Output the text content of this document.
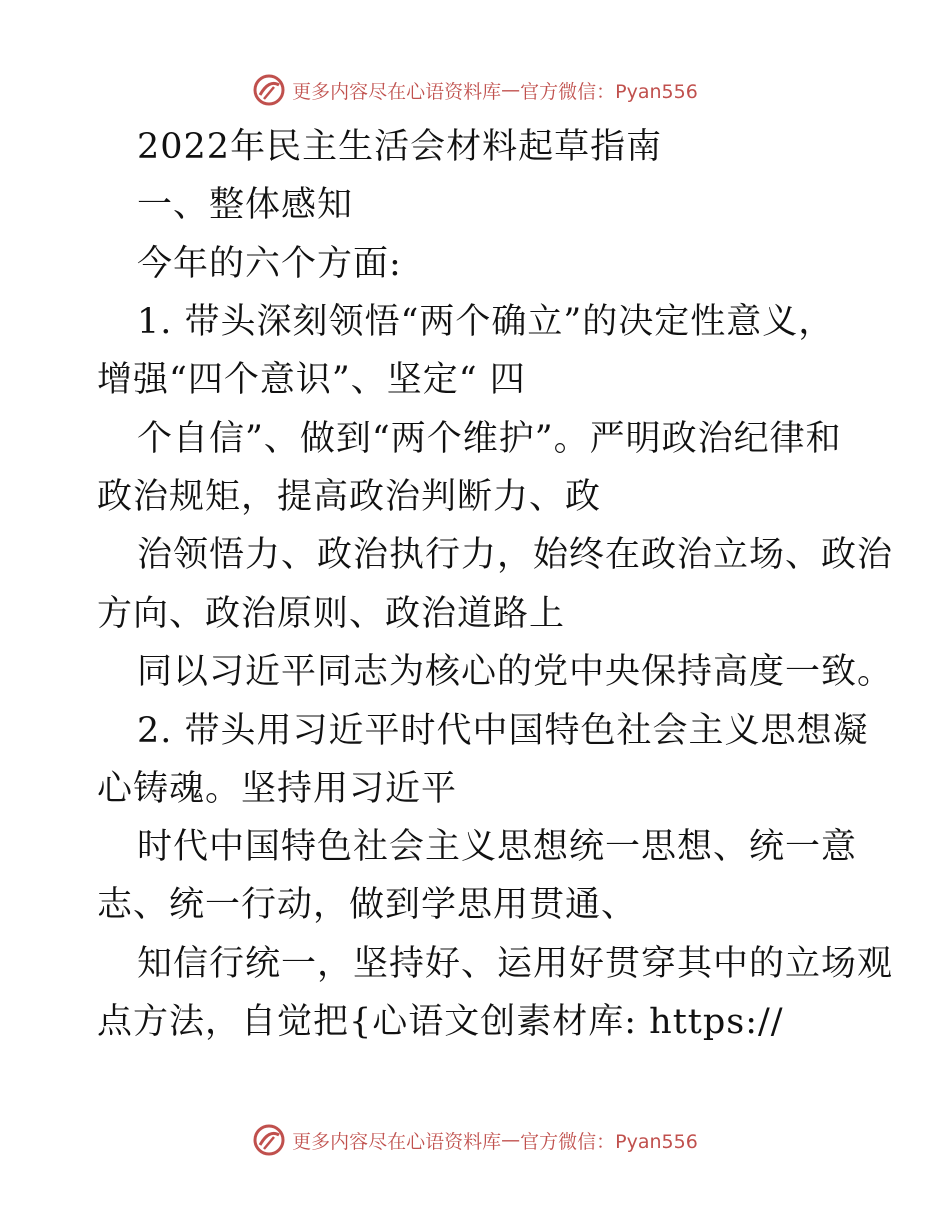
更多内容尽在心语资料库 — 官方微信：Pyan556
2022年民主生活会材料起草指南
一、整体感知
今年的六个方面:
1. 带头深刻领悟“两个确立”的决定性意义，
增强“四个意识”、坚定“ 四
个自信”、做到“两个维护”。严明政治纪律和
政治规矩，提高政治判断力、政
治领悟力、政治执行力，始终在政治立场、政治
方向、政治原则、政治道路上
同以习近平同志为核心的党中央保持高度一致。
2. 带头用习近平时代中国特色社会主义思想凝
心铸魂。坚持用习近平
时代中国特色社会主义思想统一思想、统一意
志、统一行动，做到学思用贯通、
知信行统一，坚持好、运用好贯穿其中的立场观
点方法，自觉把{心语文创素材库: https://
更多内容尽在心语资料库 — 官方微信：Pyan556
